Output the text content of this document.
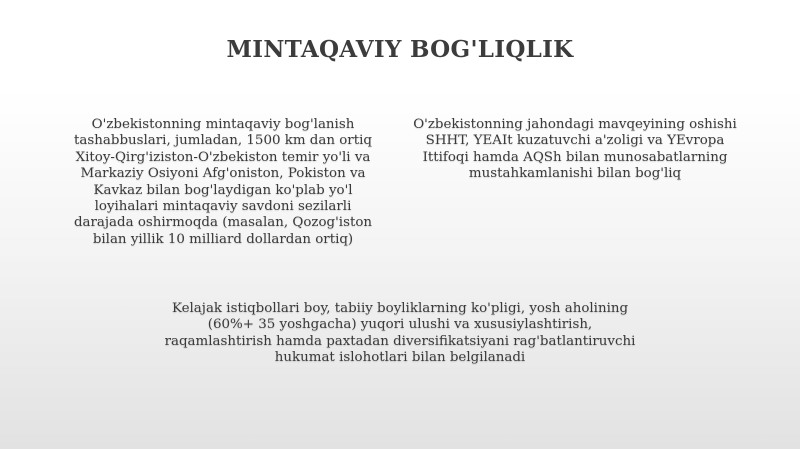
MINTAQAVIY BOG'LIQLIK
O'zbekistonning mintaqaviy bog'lanish
tashabbuslari, jumladan, 1500 km dan ortiq
Xitoy-Qirg'iziston-O'zbekiston temir yo'li va
Markaziy Osiyoni Afg'oniston, Pokiston va
Kavkaz bilan bog'laydigan ko'plab yo'l
loyihalari mintaqaviy savdoni sezilarli
darajada oshirmoqda (masalan, Qozog'iston
bilan yillik 10 milliard dollardan ortiq)
O'zbekistonning jahondagi mavqeyining oshishi
SHHT, YEAIt kuzatuvchi a'zoligi va YEvropa
Ittifoqi hamda AQSh bilan munosabatlarning
mustahkamlanishi bilan bog'liq
Kelajak istiqbollari boy, tabiiy boyliklarning ko'pligi, yosh aholining
(60%+ 35 yoshgacha) yuqori ulushi va xususiylashtirish,
raqamlashtirish hamda paxtadan diversifikatsiyani rag'batlantiruvchi
hukumat islohotlari bilan belgilanadi
